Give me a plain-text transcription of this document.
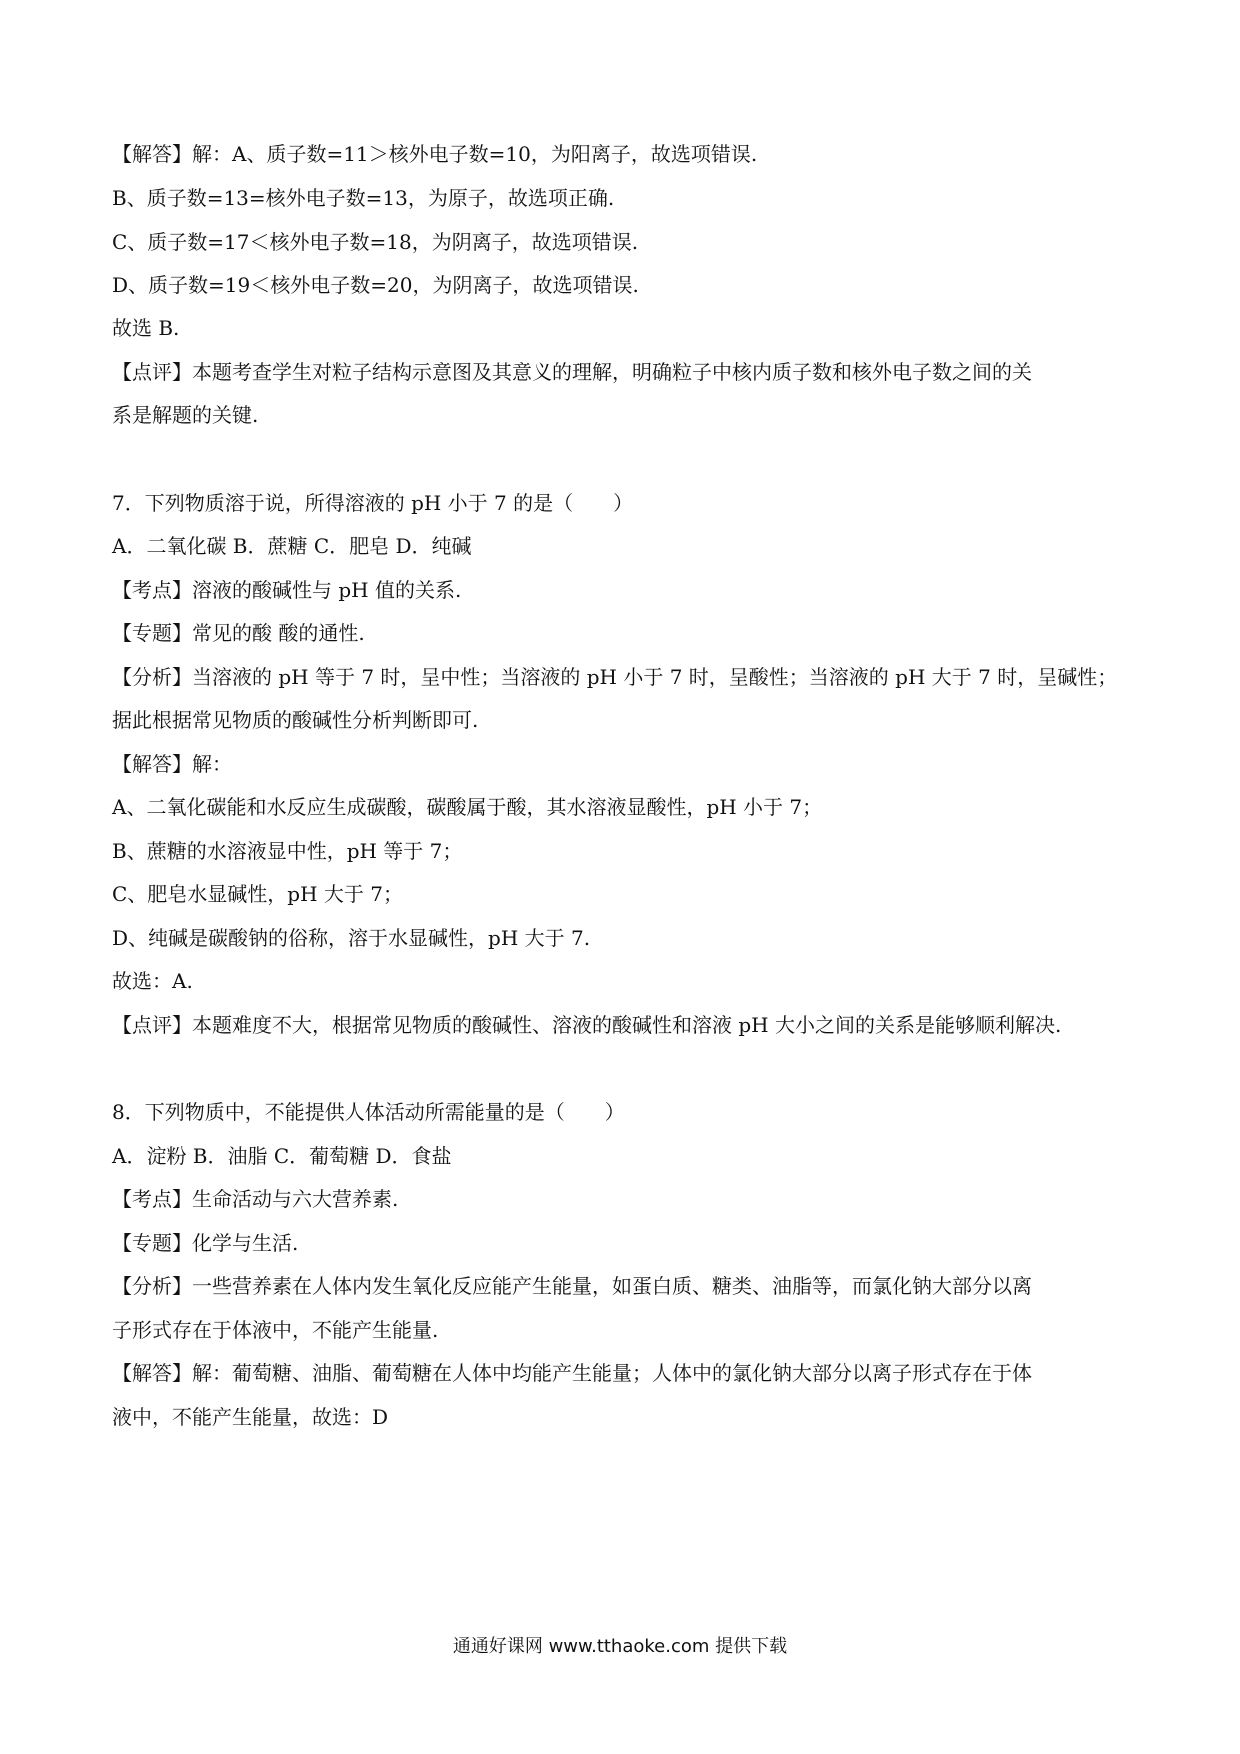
【解答】解：A、质子数=11＞核外电子数=10，为阳离子，故选项错误.
B、质子数=13=核外电子数=13，为原子，故选项正确.
C、质子数=17＜核外电子数=18，为阴离子，故选项错误.
D、质子数=19＜核外电子数=20，为阴离子，故选项错误.
故选 B.
【点评】本题考查学生对粒子结构示意图及其意义的理解，明确粒子中核内质子数和核外电子数之间的关
系是解题的关键.
7．下列物质溶于说，所得溶液的 pH 小于 7 的是（　　）
A．二氧化碳 B．蔗糖 C．肥皂 D．纯碱
【考点】溶液的酸碱性与 pH 值的关系.
【专题】常见的酸 酸的通性.
【分析】当溶液的 pH 等于 7 时，呈中性；当溶液的 pH 小于 7 时，呈酸性；当溶液的 pH 大于 7 时，呈碱性；
据此根据常见物质的酸碱性分析判断即可.
【解答】解：
A、二氧化碳能和水反应生成碳酸，碳酸属于酸，其水溶液显酸性，pH 小于 7；
B、蔗糖的水溶液显中性，pH 等于 7；
C、肥皂水显碱性，pH 大于 7；
D、纯碱是碳酸钠的俗称，溶于水显碱性，pH 大于 7.
故选：A.
【点评】本题难度不大，根据常见物质的酸碱性、溶液的酸碱性和溶液 pH 大小之间的关系是能够顺利解决.
8．下列物质中，不能提供人体活动所需能量的是（　　）
A．淀粉 B．油脂 C．葡萄糖 D．食盐
【考点】生命活动与六大营养素.
【专题】化学与生活.
【分析】一些营养素在人体内发生氧化反应能产生能量，如蛋白质、糖类、油脂等，而氯化钠大部分以离
子形式存在于体液中，不能产生能量.
【解答】解：葡萄糖、油脂、葡萄糖在人体中均能产生能量；人体中的氯化钠大部分以离子形式存在于体
液中，不能产生能量，故选：D
通通好课网 www.tthaoke.com 提供下载
